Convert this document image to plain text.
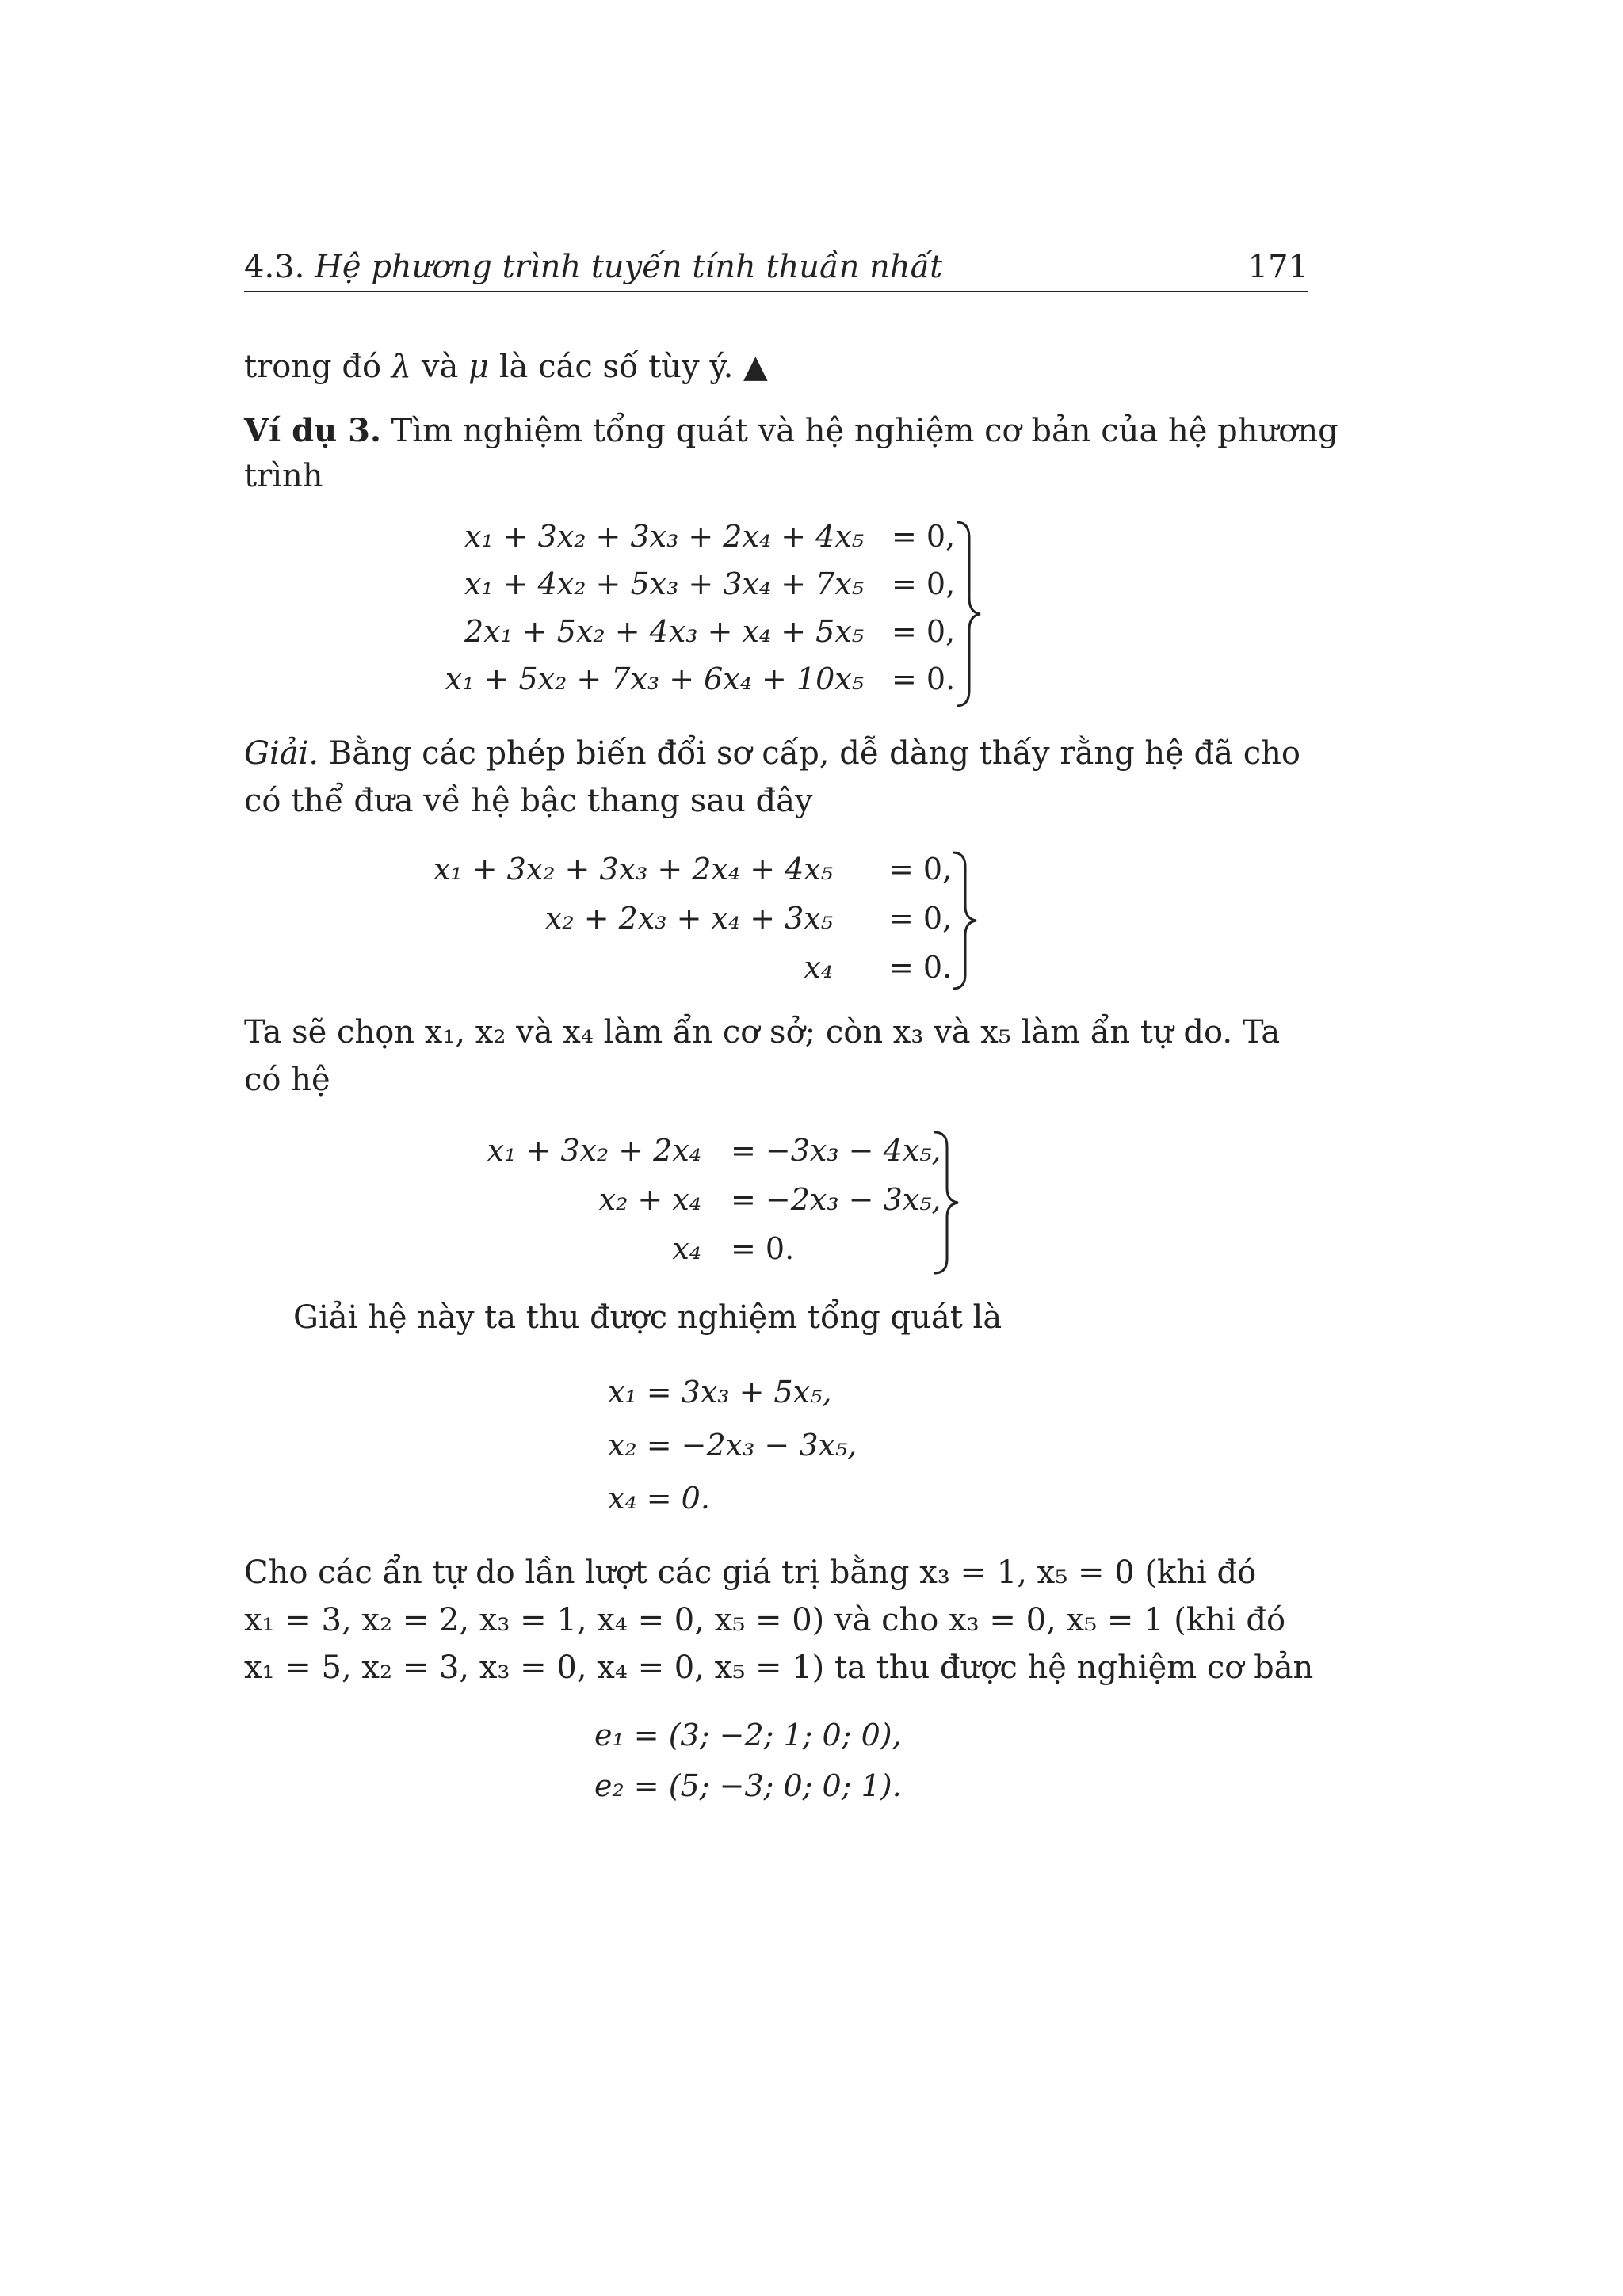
4.3. Hệ phương trình tuyến tính thuần nhất	171
trong đó λ và μ là các số tùy ý. ▲
Ví dụ 3. Tìm nghiệm tổng quát và hệ nghiệm cơ bản của hệ phương
trình
x₁ + 3x₂ + 3x₃ + 2x₄ + 4x₅ = 0,
x₁ + 4x₂ + 5x₃ + 3x₄ + 7x₅ = 0,
2x₁ + 5x₂ + 4x₃ + x₄ + 5x₅ = 0,
x₁ + 5x₂ + 7x₃ + 6x₄ + 10x₅ = 0.
Giải. Bằng các phép biến đổi sơ cấp, dễ dàng thấy rằng hệ đã cho
có thể đưa về hệ bậc thang sau đây
x₁ + 3x₂ + 3x₃ + 2x₄ + 4x₅ = 0,
x₂ + 2x₃ + x₄ + 3x₅ = 0,
x₄ = 0.
Ta sẽ chọn x₁, x₂ và x₄ làm ẩn cơ sở; còn x₃ và x₅ làm ẩn tự do. Ta
có hệ
x₁ + 3x₂ + 2x₄ = −3x₃ − 4x₅,
x₂ + x₄ = −2x₃ − 3x₅,
x₄ = 0.
Giải hệ này ta thu được nghiệm tổng quát là
x₁ = 3x₃ + 5x₅,
x₂ = −2x₃ − 3x₅,
x₄ = 0.
Cho các ẩn tự do lần lượt các giá trị bằng x₃ = 1, x₅ = 0 (khi đó
x₁ = 3, x₂ = 2, x₃ = 1, x₄ = 0, x₅ = 0) và cho x₃ = 0, x₅ = 1 (khi đó
x₁ = 5, x₂ = 3, x₃ = 0, x₄ = 0, x₅ = 1) ta thu được hệ nghiệm cơ bản
e₁ = (3; −2; 1; 0; 0),
e₂ = (5; −3; 0; 0; 1).
